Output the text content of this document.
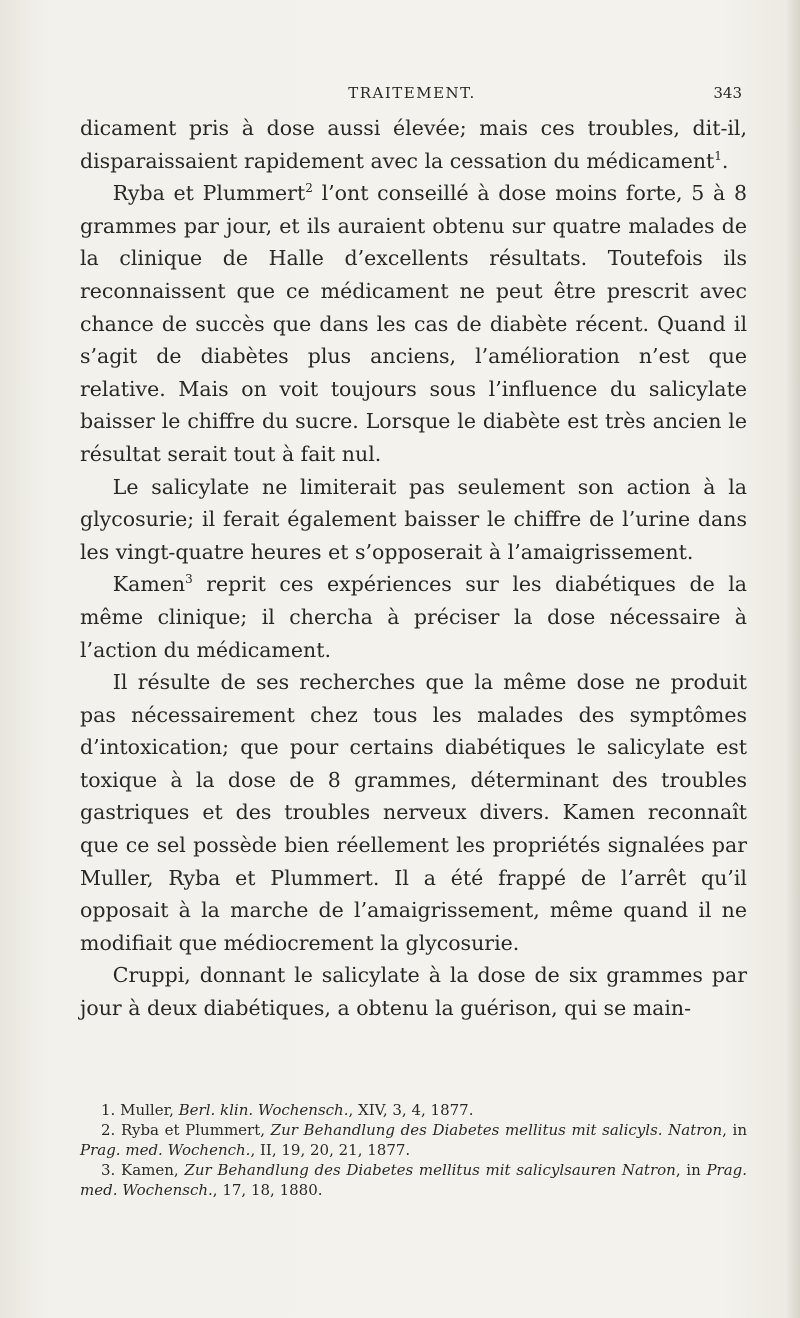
TRAITEMENT.	343

dicament pris à dose aussi élevée; mais ces troubles, dit-il, disparaissaient rapidement avec la cessation du médicament$^1$.

Ryba et Plummert$^2$ l’ont conseillé à dose moins forte, 5 à 8 grammes par jour, et ils auraient obtenu sur quatre malades de la clinique de Halle d’excellents résultats. Toutefois ils reconnaissent que ce médicament ne peut être prescrit avec chance de succès que dans les cas de diabète récent. Quand il s’agit de diabètes plus anciens, l’amélioration n’est que relative. Mais on voit toujours sous l’influence du salicylate baisser le chiffre du sucre. Lorsque le diabète est très ancien le résultat serait tout à fait nul.

Le salicylate ne limiterait pas seulement son action à la glycosurie; il ferait également baisser le chiffre de l’urine dans les vingt-quatre heures et s’opposerait à l’amaigrissement.

Kamen$^3$ reprit ces expériences sur les diabétiques de la même clinique; il chercha à préciser la dose nécessaire à l’action du médicament.

Il résulte de ses recherches que la même dose ne produit pas nécessairement chez tous les malades des symptômes d’intoxication; que pour certains diabétiques le salicylate est toxique à la dose de 8 grammes, déterminant des troubles gastriques et des troubles nerveux divers. Kamen reconnaît que ce sel possède bien réellement les propriétés signalées par Muller, Ryba et Plummert. Il a été frappé de l’arrêt qu’il opposait à la marche de l’amaigrissement, même quand il ne modifiait que médiocrement la glycosurie.

Cruppi, donnant le salicylate à la dose de six grammes par jour à deux diabétiques, a obtenu la guérison, qui se main-

1. Muller, Berl. klin. Wochensch., XIV, 3, 4, 1877.

2. Ryba et Plummert, Zur Behandlung des Diabetes mellitus mit salicyls. Natron, in Prag. med. Wochench., II, 19, 20, 21, 1877.

3. Kamen, Zur Behandlung des Diabetes mellitus mit salicylsauren Natron, in Prag. med. Wochensch., 17, 18, 1880.
